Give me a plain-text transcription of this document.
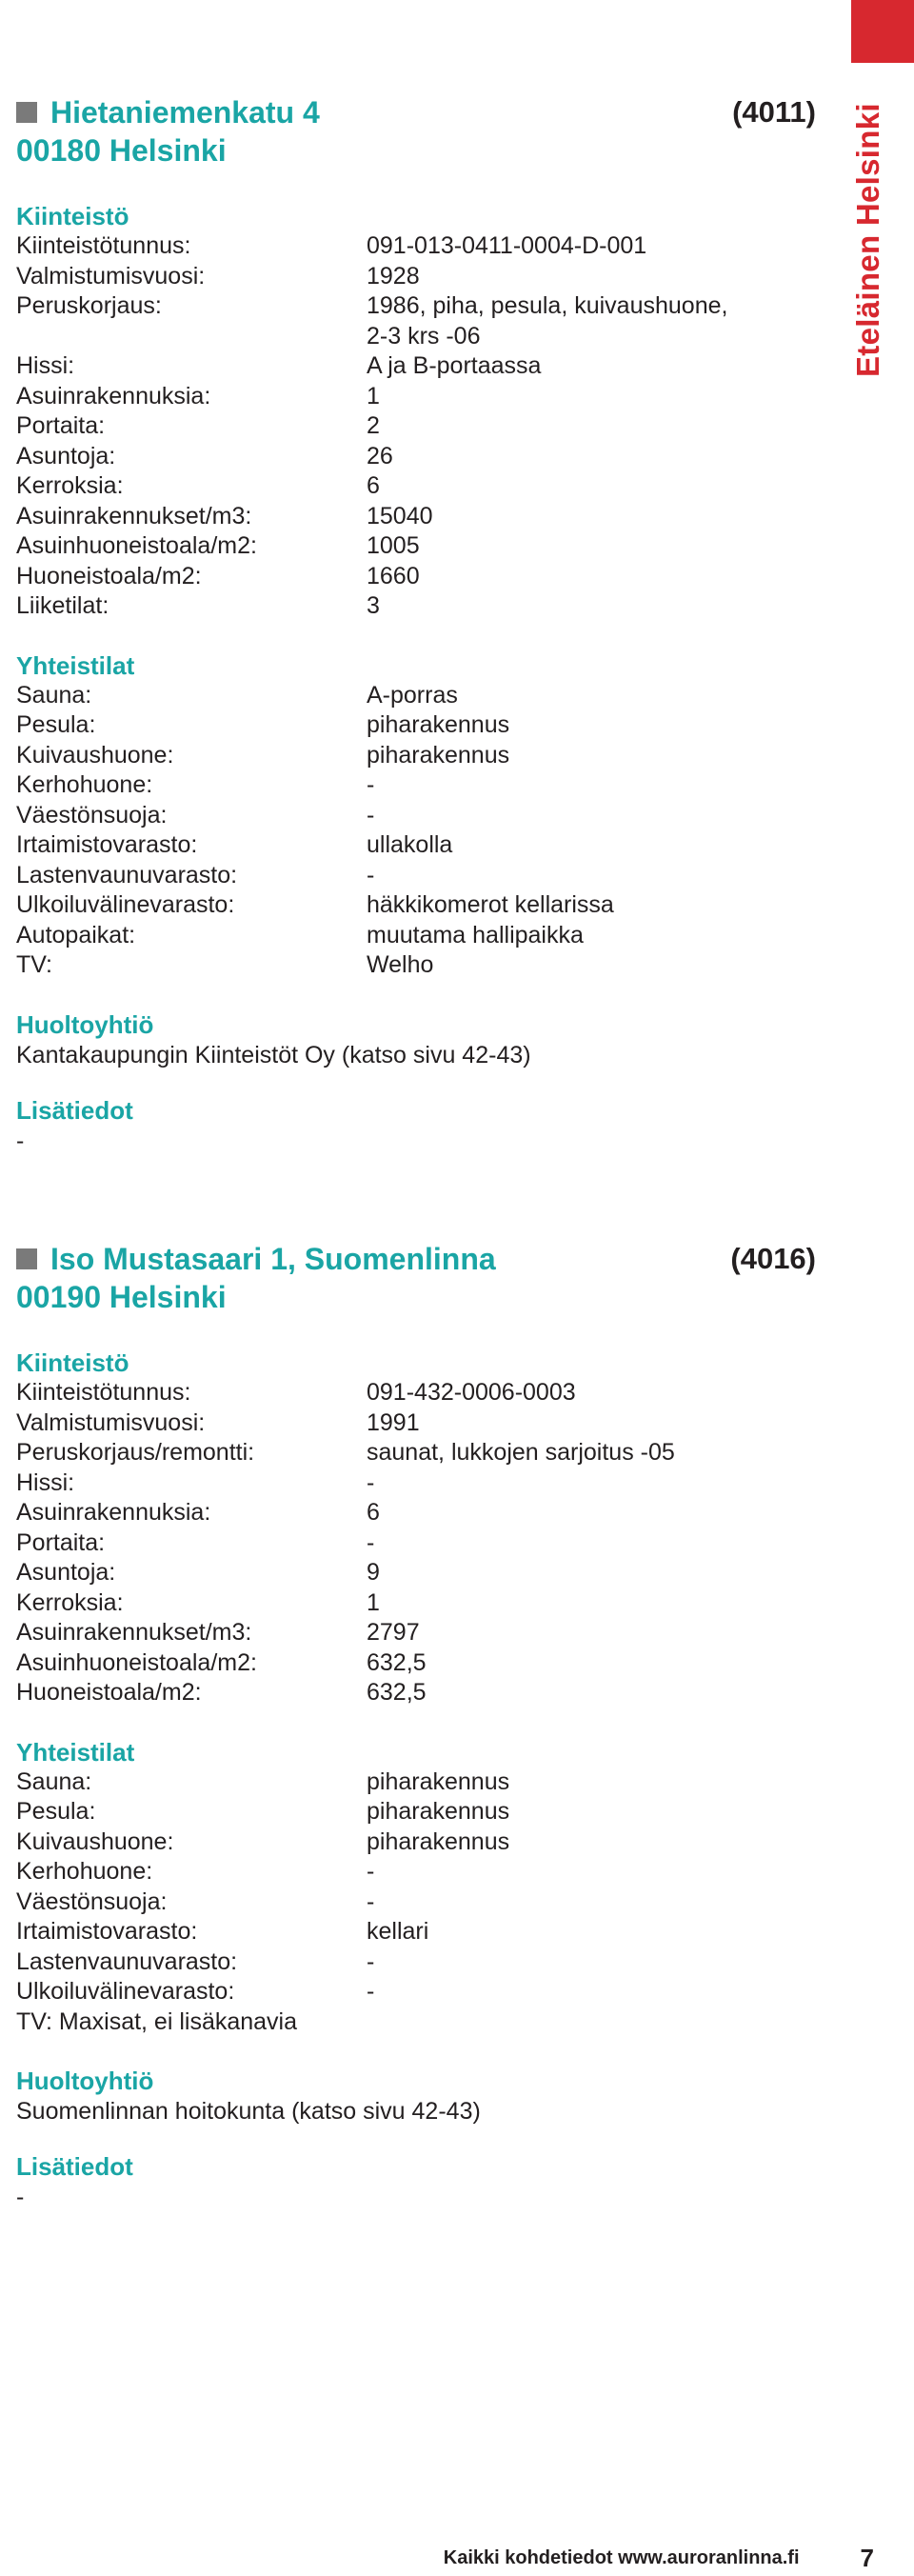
Eteläinen Helsinki
Hietaniemenkatu 4	(4011)
00180 Helsinki
Kiinteistö
Kiinteistötunnus:	091-013-0411-0004-D-001
Valmistumisvuosi:	1928
Peruskorjaus:	1986, piha, pesula, kuivaushuone,
2-3 krs -06
Hissi:	A ja B-portaassa
Asuinrakennuksia:	1
Portaita:	2
Asuntoja:	26
Kerroksia:	6
Asuinrakennukset/m3:	15040
Asuinhuoneistoala/m2:	1005
Huoneistoala/m2:	1660
Liiketilat:	3
Yhteistilat
Sauna:	A-porras
Pesula:	piharakennus
Kuivaushuone:	piharakennus
Kerhohuone:	-
Väestönsuoja:	-
Irtaimistovarasto:	ullakolla
Lastenvaunuvarasto:	-
Ulkoiluvälinevarasto:	häkkikomerot kellarissa
Autopaikat:	muutama hallipaikka
TV:	Welho
Huoltoyhtiö
Kantakaupungin Kiinteistöt Oy (katso sivu 42-43)
Lisätiedot
-
Iso Mustasaari 1, Suomenlinna	(4016)
00190 Helsinki
Kiinteistö
Kiinteistötunnus:	091-432-0006-0003
Valmistumisvuosi:	1991
Peruskorjaus/remontti:	saunat, lukkojen sarjoitus -05
Hissi:	-
Asuinrakennuksia:	6
Portaita:	-
Asuntoja:	9
Kerroksia:	1
Asuinrakennukset/m3:	2797
Asuinhuoneistoala/m2:	632,5
Huoneistoala/m2:	632,5
Yhteistilat
Sauna:	piharakennus
Pesula:	piharakennus
Kuivaushuone:	piharakennus
Kerhohuone:	-
Väestönsuoja:	-
Irtaimistovarasto:	kellari
Lastenvaunuvarasto:	-
Ulkoiluvälinevarasto:	-
TV: Maxisat, ei lisäkanavia
Huoltoyhtiö
Suomenlinnan hoitokunta (katso sivu 42-43)
Lisätiedot
-
Kaikki kohdetiedot www.auroranlinna.fi 7
